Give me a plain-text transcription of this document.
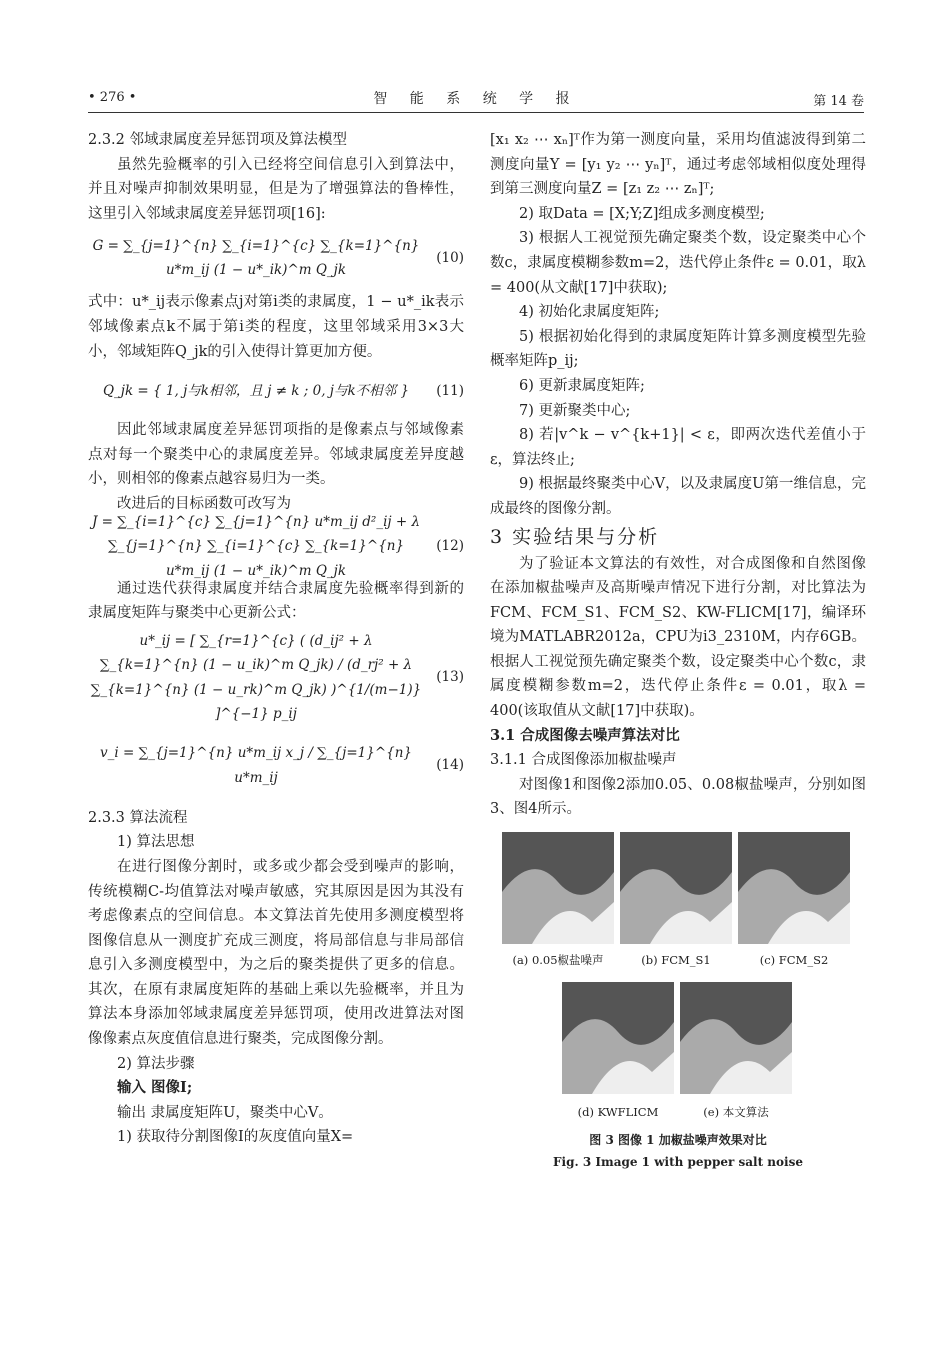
• 276 •	智 能 系 统 学 报	第 14 卷

2.3.2 邻域隶属度差异惩罚项及算法模型

虽然先验概率的引入已经将空间信息引入到算法中，并且对噪声抑制效果明显，但是为了增强算法的鲁棒性，这里引入邻域隶属度差异惩罚项[16]:

G = ∑_{j=1}^{n} ∑_{i=1}^{c} ∑_{k=1}^{n} u*m_ij (1 − u*_ik)^m Q_jk
(10)

式中：u*_ij表示像素点j对第i类的隶属度，1 − u*_ik表示邻域像素点k不属于第i类的程度，这里邻域采用3×3大小，邻域矩阵Q_jk的引入使得计算更加方便。

Q_jk = { 1, j与k相邻，且 j ≠ k ; 0, j与k不相邻 }	(11)

因此邻域隶属度差异惩罚项指的是像素点与邻域像素点对每一个聚类中心的隶属度差异。邻域隶属度差异度越小，则相邻的像素点越容易归为一类。

改进后的目标函数可改写为

J = ∑_{i=1}^{c} ∑_{j=1}^{n} u*m_ij d²_ij + λ ∑_{j=1}^{n} ∑_{i=1}^{c} ∑_{k=1}^{n} u*m_ij (1 − u*_ik)^m Q_jk
(12)

通过迭代获得隶属度并结合隶属度先验概率得到新的隶属度矩阵与聚类中心更新公式：

u*_ij = [ ∑_{r=1}^{c} ( (d_ij² + λ ∑_{k=1}^{n} (1 − u_ik)^m Q_jk) / (d_rj² + λ ∑_{k=1}^{n} (1 − u_rk)^m Q_jk) )^{1/(m−1)} ]^{−1} p_ij
(13)
v_i = ∑_{j=1}^{n} u*m_ij x_j / ∑_{j=1}^{n} u*m_ij
(14)

2.3.3 算法流程

1) 算法思想

在进行图像分割时，或多或少都会受到噪声的影响，传统模糊C-均值算法对噪声敏感，究其原因是因为其没有考虑像素点的空间信息。本文算法首先使用多测度模型将图像信息从一测度扩充成三测度，将局部信息与非局部信息引入多测度模型中，为之后的聚类提供了更多的信息。其次，在原有隶属度矩阵的基础上乘以先验概率，并且为算法本身添加邻域隶属度差异惩罚项，使用改进算法对图像像素点灰度值信息进行聚类，完成图像分割。

2) 算法步骤

输入 图像I;

输出 隶属度矩阵U，聚类中心V。

1) 获取待分割图像I的灰度值向量X=

[x₁ x₂ ⋯ xₙ]ᵀ作为第一测度向量，采用均值滤波得到第二测度向量Y = [y₁ y₂ ⋯ yₙ]ᵀ，通过考虑邻域相似度处理得到第三测度向量Z = [z₁ z₂ ⋯ zₙ]ᵀ;

2) 取Data = [X;Y;Z]组成多测度模型;

3) 根据人工视觉预先确定聚类个数，设定聚类中心个数c，隶属度模糊参数m=2，迭代停止条件ε = 0.01，取λ = 400(从文献[17]中获取);

4) 初始化隶属度矩阵;

5) 根据初始化得到的隶属度矩阵计算多测度模型先验概率矩阵p_ij;

6) 更新隶属度矩阵;

7) 更新聚类中心;

8) 若|v^k − v^{k+1}| < ε，即两次迭代差值小于ε，算法终止;

9) 根据最终聚类中心V，以及隶属度U第一维信息，完成最终的图像分割。

3 实验结果与分析

为了验证本文算法的有效性，对合成图像和自然图像在添加椒盐噪声及高斯噪声情况下进行分割，对比算法为FCM、FCM_S1、FCM_S2、KW-FLICM[17]，编译环境为MATLABR2012a，CPU为i3_2310M，内存6GB。根据人工视觉预先确定聚类个数，设定聚类中心个数c，隶属度模糊参数m=2，迭代停止条件ε = 0.01，取λ = 400(该取值从文献[17]中获取)。

3.1 合成图像去噪声算法对比

3.1.1 合成图像添加椒盐噪声

对图像1和图像2添加0.05、0.08椒盐噪声，分别如图3、图4所示。

(a) 0.05椒盐噪声	(b) FCM_S1	(c) FCM_S2
(d) KWFLICM	(e) 本文算法
图 3 图像 1 加椒盐噪声效果对比
Fig. 3 Image 1 with pepper salt noise
